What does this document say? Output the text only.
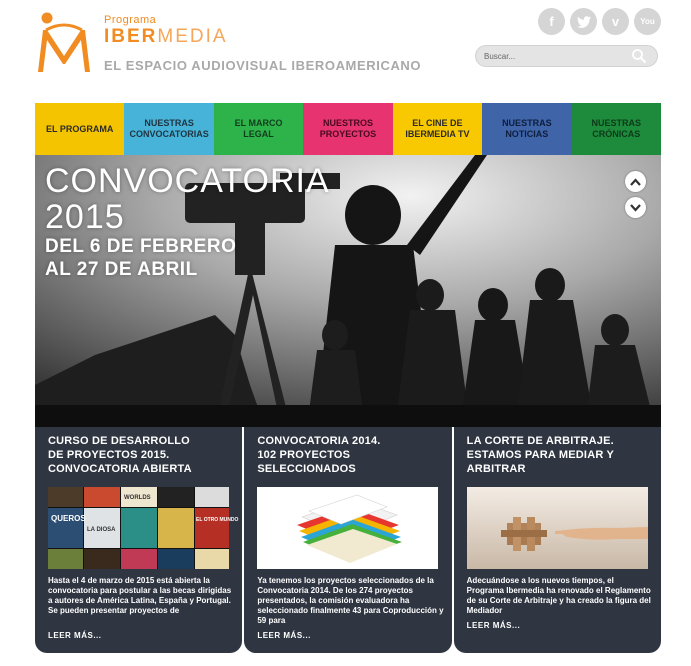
Programa
IBERMEDIA
EL ESPACIO AUDIOVISUAL IBEROAMERICANO
f	v	You
Buscar...
EL PROGRAMA
NUESTRAS
CONVOCATORIAS
EL MARCO
LEGAL
NUESTROS
PROYECTOS
EL CINE DE
IBERMEDIA TV
NUESTRAS
NOTICIAS
NUESTRAS
CRÓNICAS
CONVOCATORIA
2015
DEL 6 DE FEBRERO
AL 27 DE ABRIL
CURSO DE DESARROLLO
DE PROYECTOS 2015.
CONVOCATORIA ABIERTA
QUEROS
WORLDS
LA DIOSA
EL OTRO MUNDO
Hasta el 4 de marzo de 2015 está abierta la convocatoria para postular a las becas dirigidas a autores de América Latina, España y Portugal. Se pueden presentar proyectos de
LEER MÁS...
CONVOCATORIA 2014.
102 PROYECTOS
SELECCIONADOS
Ya tenemos los proyectos seleccionados de la Convocatoria 2014. De los 274 proyectos presentados, la comisión evaluadora ha seleccionado finalmente 43 para Coproducción y 59 para
LEER MÁS...
LA CORTE DE ARBITRAJE.
ESTAMOS PARA MEDIAR Y
ARBITRAR
Adecuándose a los nuevos tiempos, el Programa Ibermedia ha renovado el Reglamento de su Corte de Arbitraje y ha creado la figura del Mediador
LEER MÁS...
